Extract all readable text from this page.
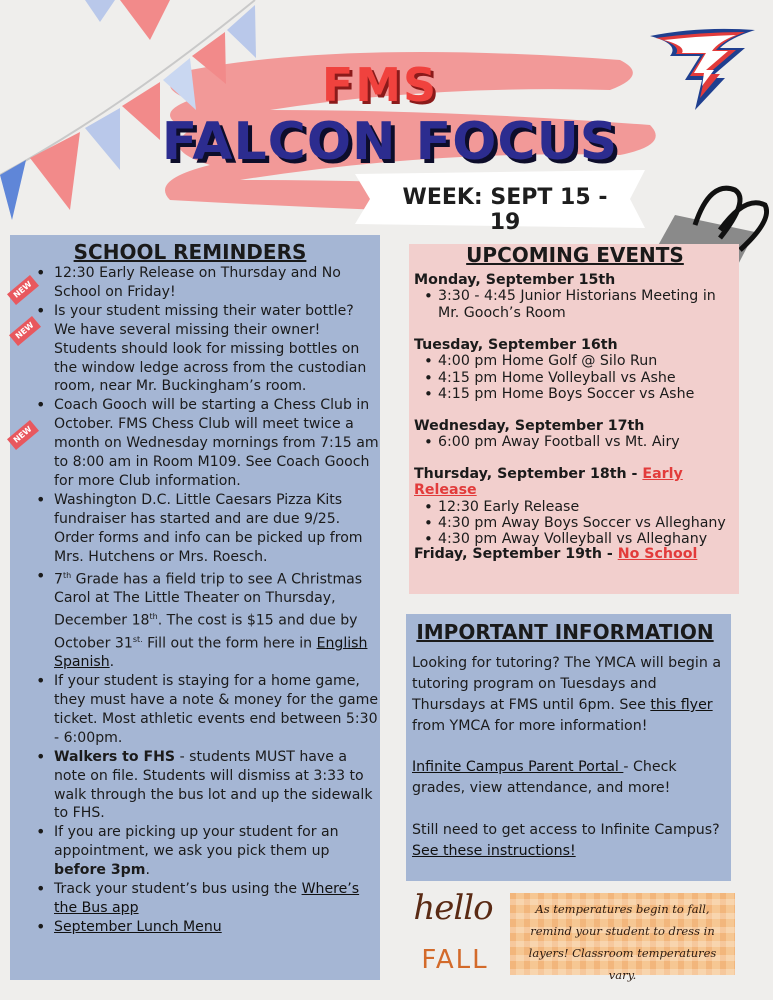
FMS
FALCON FOCUS
WEEK: SEPT 15 - 19
SCHOOL REMINDERS
NEW
NEW
NEW
• 12:30 Early Release on Thursday and No School on Friday!
• Is your student missing their water bottle? We have several missing their owner! Students should look for missing bottles on the window ledge across from the custodian room, near Mr. Buckingham’s room.
• Coach Gooch will be starting a Chess Club in October. FMS Chess Club will meet twice a month on Wednesday mornings from 7:15 am to 8:00 am in Room M109. See Coach Gooch for more Club information.
• Washington D.C. Little Caesars Pizza Kits fundraiser has started and are due 9/25. Order forms and info can be picked up from Mrs. Hutchens or Mrs. Roesch.
• 7th Grade has a field trip to see A Christmas Carol at The Little Theater on Thursday, December 18th. The cost is $15 and due by October $31^{st.}$ Fill out the form here in English
Spanish.
• If your student is staying for a home game, they must have a note & money for the game ticket. Most athletic events end between 5:30 - 6:00pm.
• Walkers to FHS - students MUST have a note on file. Students will dismiss at 3:33 to walk through the bus lot and up the sidewalk to FHS.
• If you are picking up your student for an appointment, we ask you pick them up before 3pm.
• Track your student’s bus using the Where’s the Bus app
• September Lunch Menu
UPCOMING EVENTS
Monday, September 15th
• 3:30 - 4:45 Junior Historians Meeting in Mr. Gooch’s Room
Tuesday, September 16th
• 4:00 pm Home Golf @ Silo Run
• 4:15 pm Home Volleyball vs Ashe
• 4:15 pm Home Boys Soccer vs Ashe
Wednesday, September 17th
• 6:00 pm Away Football vs Mt. Airy
Thursday, September 18th - Early Release
• 12:30 Early Release
• 4:30 pm Away Boys Soccer vs Alleghany
• 4:30 pm Away Volleyball vs Alleghany
Friday, September 19th - No School
IMPORTANT INFORMATION
Looking for tutoring? The YMCA will begin a tutoring program on Tuesdays and Thursdays at FMS until 6pm. See this flyer from YMCA for more information!
Infinite Campus Parent Portal - Check grades, view attendance, and more!
Still need to get access to Infinite Campus? See these instructions!
hello
FALL
As temperatures begin to fall, remind your student to dress in layers! Classroom temperatures vary.
